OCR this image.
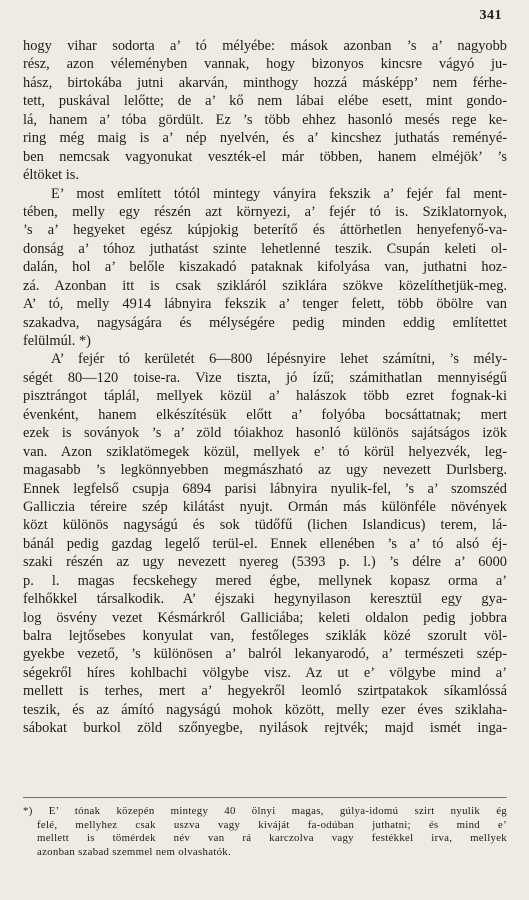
341
hogy vihar sodorta a’ tó mélyébe: mások azonban ’s a’ nagyobb
rész, azon véleményben vannak, hogy bizonyos kincsre vágyó ju-
hász, birtokába jutni akarván, minthogy hozzá másképp’ nem férhe-
tett, puskával lelőtte; de a’ kő nem lábai elébe esett, mint gondo-
lá, hanem a’ tóba gördült. Ez ’s több ehhez hasonló mesés rege ke-
ring még maig is a’ nép nyelvén, és a’ kincshez juthatás reményé-
ben nemcsak vagyonukat veszték-el már többen, hanem elméjök’ ’s
éltöket is.
E’ most említett tótól mintegy ványira fekszik a’ fejér fal ment-
tében, melly egy részén azt környezi, a’ fejér tó is. Sziklatornyok,
’s a’ hegyeket egész kúpjokig beterítő és áttörhetlen henyefenyő-va-
donság a’ tóhoz juthatást szinte lehetlenné teszik. Csupán keleti ol-
dalán, hol a’ belőle kiszakadó pataknak kifolyása van, juthatni hoz-
zá. Azonban itt is csak szikláról sziklára szökve közelíthetjük-meg.
A’ tó, melly 4914 lábnyira fekszik a’ tenger felett, több öbölre van
szakadva, nagyságára és mélységére pedig minden eddig említettet
felülmúl. *)
A’ fejér tó kerületét 6—800 lépésnyire lehet számítni, ’s mély-
ségét 80—120 toise-ra. Vize tiszta, jó ízű; számithatlan mennyiségű
pisztrángot táplál, mellyek közül a’ halászok több ezret fognak-ki
évenként, hanem elkészítésük előtt a’ folyóba bocsáttatnak; mert
ezek is soványok ’s a’ zöld tóiakhoz hasonló különös sajátságos izök
van. Azon sziklatömegek közül, mellyek e’ tó körül helyezvék, leg-
magasabb ’s legkönnyebben megmászható az ugy nevezett Durlsberg.
Ennek legfelső csupja 6894 parisi lábnyira nyulik-fel, ’s a’ szomszéd
Galliczia téreire szép kilátást nyujt. Ormán más különféle növények
közt különös nagyságú és sok tüdőfű (lichen Islandicus) terem, lá-
bánál pedig gazdag legelő terül-el. Ennek ellenében ’s a’ tó alsó éj-
szaki részén az ugy nevezett nyereg (5393 p. l.) ’s délre a’ 6000
p. l. magas fecskehegy mered égbe, mellynek kopasz orma a’
felhőkkel társalkodik. A’ éjszaki hegynyilason keresztül egy gya-
log ösvény vezet Késmárkról Galliciába; keleti oldalon pedig jobbra
balra lejtősebes konyulat van, festőleges sziklák közé szorult völ-
gyekbe vezető, ’s különösen a’ balról lekanyarodó, a’ természeti szép-
ségekről híres kohlbachi völgybe visz. Az ut e’ völgybe mind a’
mellett is terhes, mert a’ hegyekről leomló szirtpatakok síkamlóssá
teszik, és az ámító nagyságú mohok között, melly ezer éves sziklaha-
sábokat burkol zöld szőnyegbe, nyilások rejtvék; majd ismét inga-
*) E’ tónak közepén mintegy 40 ölnyi magas, gúlya-idomú szirt nyulik ég
felé, mellyhez csak uszva vagy kiváját fa-odúban juthatni; és mind e’
mellett is tömérdek név van rá karczolva vagy festékkel irva, mellyek
azonban szabad szemmel nem olvashatók.
